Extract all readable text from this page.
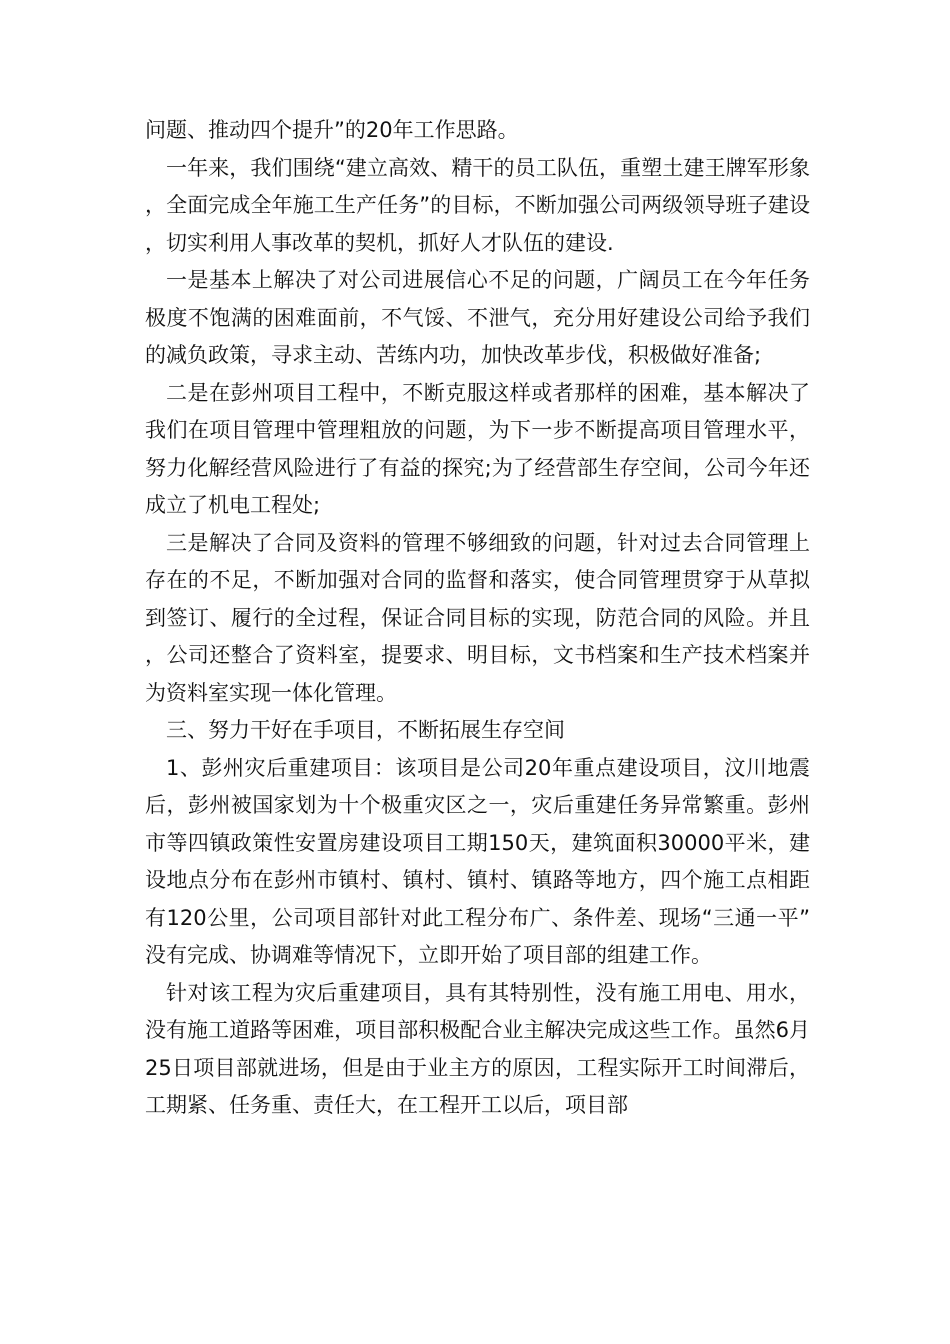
问题、推动四个提升”的20年工作思路。

一年来，我们围绕“建立高效、精干的员工队伍，重塑土建王牌军形象，全面完成全年施工生产任务”的目标，不断加强公司两级领导班子建设，切实利用人事改革的契机，抓好人才队伍的建设.

一是基本上解决了对公司进展信心不足的问题，广阔员工在今年任务极度不饱满的困难面前，不气馁、不泄气，充分用好建设公司给予我们的减负政策，寻求主动、苦练内功，加快改革步伐，积极做好准备;

二是在彭州项目工程中，不断克服这样或者那样的困难，基本解决了我们在项目管理中管理粗放的问题，为下一步不断提高项目管理水平，努力化解经营风险进行了有益的探究;为了经营部生存空间，公司今年还成立了机电工程处;

三是解决了合同及资料的管理不够细致的问题，针对过去合同管理上存在的不足，不断加强对合同的监督和落实，使合同管理贯穿于从草拟到签订、履行的全过程，保证合同目标的实现，防范合同的风险。并且，公司还整合了资料室，提要求、明目标，文书档案和生产技术档案并为资料室实现一体化管理。

三、努力干好在手项目，不断拓展生存空间

1、彭州灾后重建项目：该项目是公司20年重点建设项目，汶川地震后，彭州被国家划为十个极重灾区之一，灾后重建任务异常繁重。彭州市等四镇政策性安置房建设项目工期150天，建筑面积30000平米，建设地点分布在彭州市镇村、镇村、镇村、镇路等地方，四个施工点相距有120公里，公司项目部针对此工程分布广、条件差、现场“三通一平”没有完成、协调难等情况下，立即开始了项目部的组建工作。

针对该工程为灾后重建项目，具有其特别性，没有施工用电、用水，没有施工道路等困难，项目部积极配合业主解决完成这些工作。虽然6月25日项目部就进场，但是由于业主方的原因，工程实际开工时间滞后，工期紧、任务重、责任大，在工程开工以后，项目部
